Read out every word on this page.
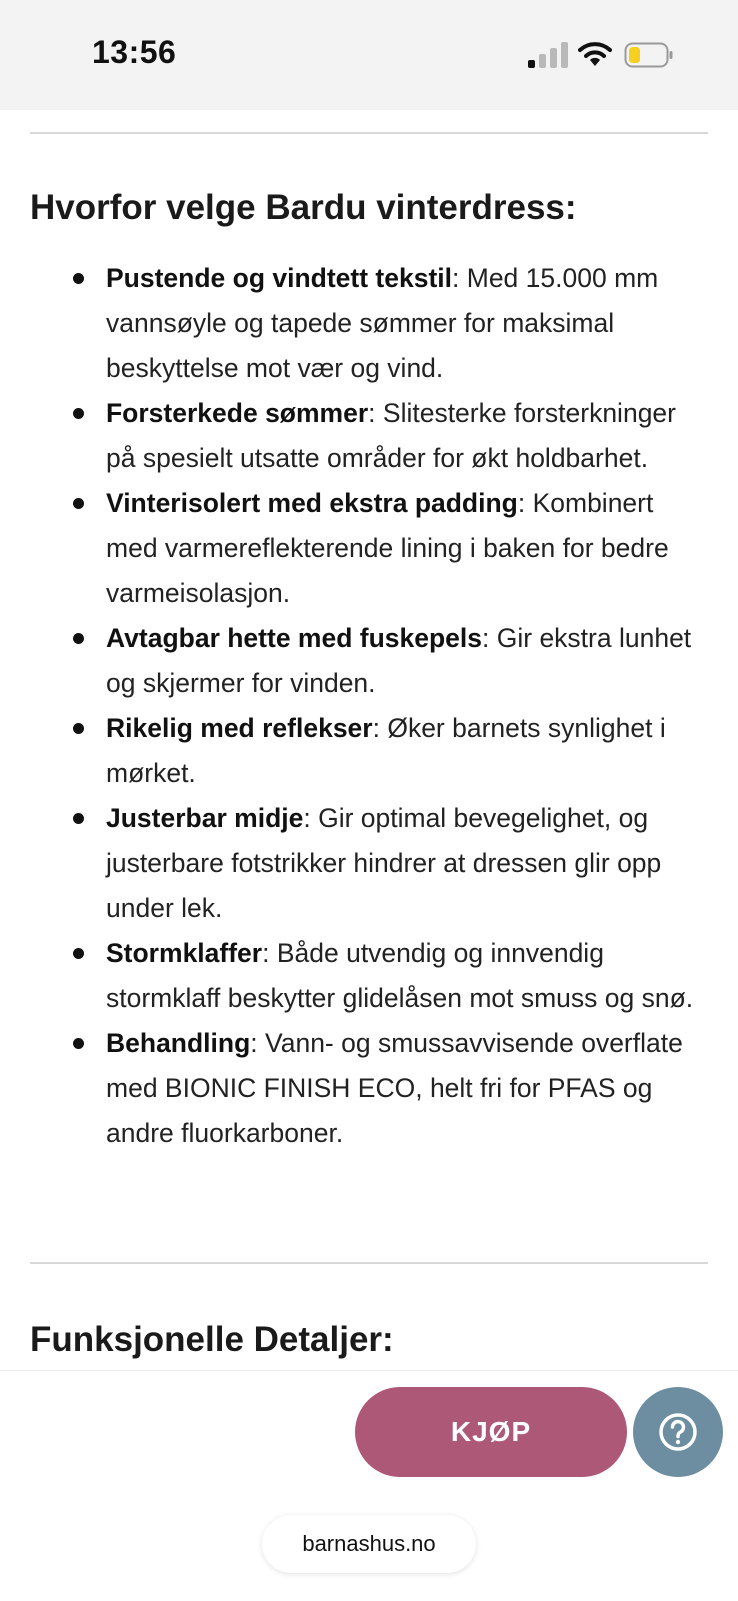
13:56
Hvorfor velge Bardu vinterdress:
Pustende og vindtett tekstil: Med 15.000 mm vannsøyle og tapede sømmer for maksimal beskyttelse mot vær og vind.
Forsterkede sømmer: Slitesterke forsterkninger på spesielt utsatte områder for økt holdbarhet.
Vinterisolert med ekstra padding: Kombinert med varmereflekterende lining i baken for bedre varmeisolasjon.
Avtagbar hette med fuskepels: Gir ekstra lunhet og skjermer for vinden.
Rikelig med reflekser: Øker barnets synlighet i mørket.
Justerbar midje: Gir optimal bevegelighet, og justerbare fotstrikker hindrer at dressen glir opp under lek.
Stormklaffer: Både utvendig og innvendig stormklaff beskytter glidelåsen mot smuss og snø.
Behandling: Vann- og smussavvisende overflate med BIONIC FINISH ECO, helt fri for PFAS og andre fluorkarboner.
Funksjonelle Detaljer:
KJØP
barnashus.no
